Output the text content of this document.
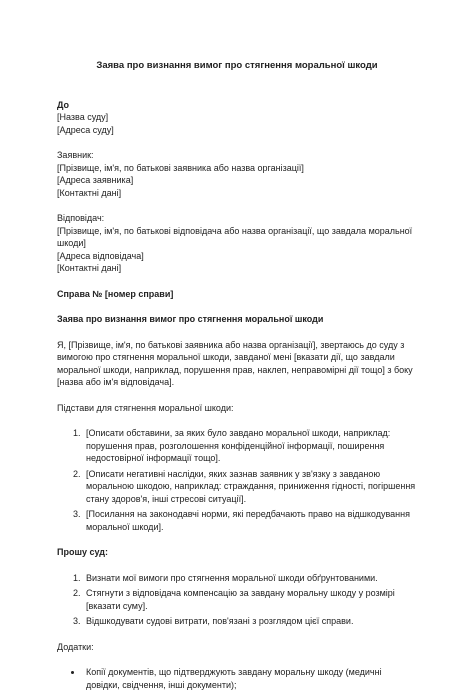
Заява про визнання вимог про стягнення моральної шкоди
До
[Назва суду]
[Адреса суду]
Заявник:
[Прізвище, ім'я, по батькові заявника або назва організації]
[Адреса заявника]
[Контактні дані]
Відповідач:
[Прізвище, ім'я, по батькові відповідача або назва організації, що завдала моральної шкоди]
[Адреса відповідача]
[Контактні дані]

Справа № [номер справи]

Заява про визнання вимог про стягнення моральної шкоди

Я, [Прізвище, ім'я, по батькові заявника або назва організації], звертаюсь до суду з вимогою про стягнення моральної шкоди, завданої мені [вказати дії, що завдали моральної шкоди, наприклад, порушення прав, наклеп, неправомірні дії тощо] з боку [назва або ім'я відповідача].

Підстави для стягнення моральної шкоди:

1. [Описати обставини, за яких було завдано моральної шкоди, наприклад: порушення прав, розголошення конфіденційної інформації, поширення недостовірної інформації тощо].
2. [Описати негативні наслідки, яких зазнав заявник у зв'язку з завданою моральною шкодою, наприклад: страждання, приниження гідності, погіршення стану здоров'я, інші стресові ситуації].
3. [Посилання на законодавчі норми, які передбачають право на відшкодування моральної шкоди].

Прошу суд:

1. Визнати мої вимоги про стягнення моральної шкоди обґрунтованими.
2. Стягнути з відповідача компенсацію за завдану моральну шкоду у розмірі [вказати суму].
3. Відшкодувати судові витрати, пов'язані з розглядом цієї справи.

Додатки:

• Копії документів, що підтверджують завдану моральну шкоду (медичні довідки, свідчення, інші документи);
